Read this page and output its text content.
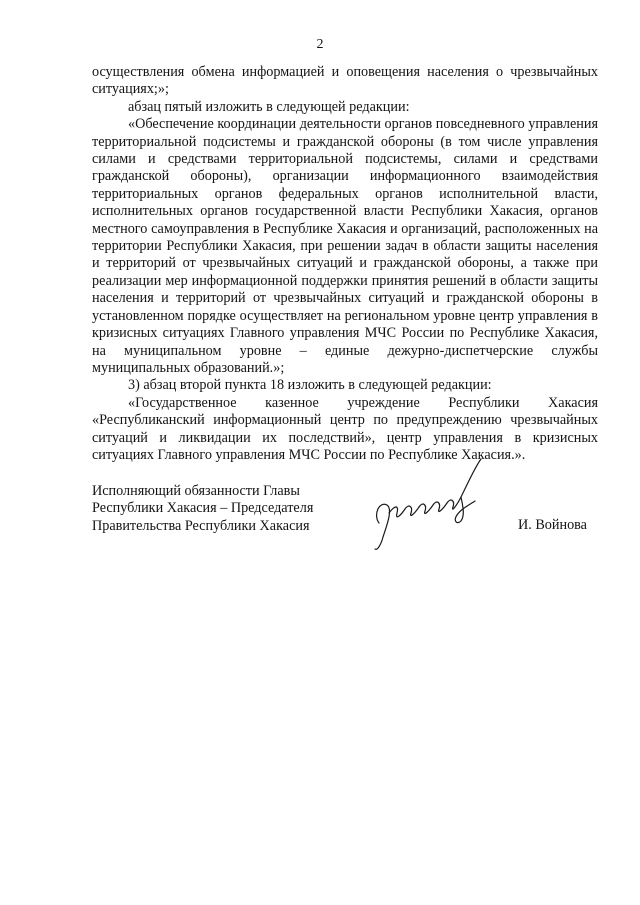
2

осуществления обмена информацией и оповещения населения о чрезвычайных ситуациях;»;

абзац пятый изложить в следующей редакции:

«Обеспечение координации деятельности органов повседневного управления территориальной подсистемы и гражданской обороны (в том числе управления силами и средствами территориальной подсистемы, силами и средствами гражданской обороны), организации информационного взаимодействия территориальных органов федеральных органов исполнительной власти, исполнительных органов государственной власти Республики Хакасия, органов местного самоуправления в Республике Хакасия и организаций, расположенных на территории Республики Хакасия, при решении задач в области защиты населения и территорий от чрезвычайных ситуаций и гражданской обороны, а также при реализации мер информационной поддержки принятия решений в области защиты населения и территорий от чрезвычайных ситуаций и гражданской обороны в установленном порядке осуществляет на региональном уровне центр управления в кризисных ситуациях Главного управления МЧС России по Республике Хакасия, на муниципальном уровне – единые дежурно-диспетчерские службы муниципальных образований.»;

3) абзац второй пункта 18 изложить в следующей редакции:

«Государственное казенное учреждение Республики Хакасия «Республиканский информационный центр по предупреждению чрезвычайных ситуаций и ликвидации их последствий», центр управления в кризисных ситуациях Главного управления МЧС России по Республике Хакасия.».

Исполняющий обязанности Главы
Республики Хакасия – Председателя
Правительства Республики Хакасия	И. Войнова
